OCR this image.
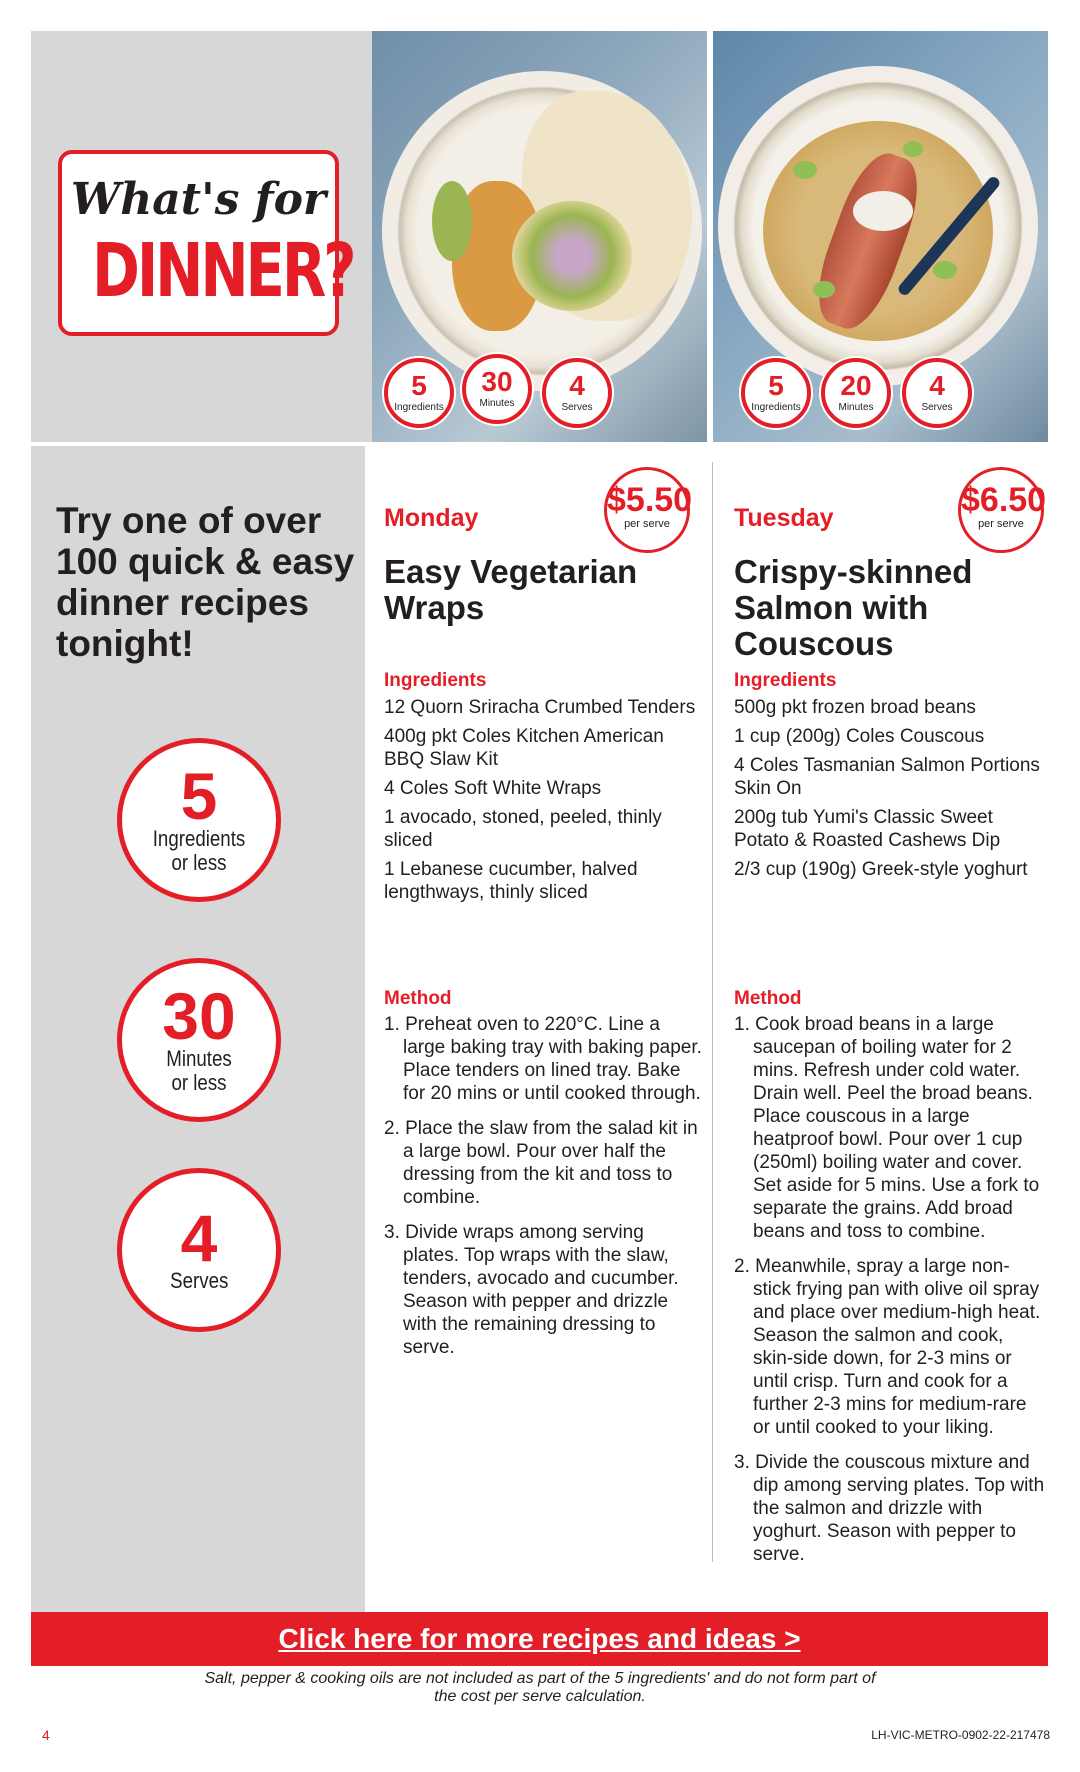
What's for
DINNER?
5
Ingredients
30
Minutes
4
Serves
5
Ingredients
20
Minutes
4
Serves
Try one of over 100 quick & easy dinner recipes tonight!
5
Ingredients or less
30
Minutes or less
4
Serves
Monday	$5.50
per serve
Easy Vegetarian Wraps
Ingredients
12 Quorn Sriracha Crumbed Tenders
400g pkt Coles Kitchen American BBQ Slaw Kit
4 Coles Soft White Wraps
1 avocado, stoned, peeled, thinly sliced
1 Lebanese cucumber, halved lengthways, thinly sliced
Method
1. Preheat oven to 220°C. Line a large baking tray with baking paper. Place tenders on lined tray. Bake for 20 mins or until cooked through.
2. Place the slaw from the salad kit in a large bowl. Pour over half the dressing from the kit and toss to combine.
3. Divide wraps among serving plates. Top wraps with the slaw, tenders, avocado and cucumber. Season with pepper and drizzle with the remaining dressing to serve.
Tuesday	$6.50
per serve
Crispy-skinned Salmon with Couscous
Ingredients
500g pkt frozen broad beans
1 cup (200g) Coles Couscous
4 Coles Tasmanian Salmon Portions Skin On
200g tub Yumi's Classic Sweet Potato & Roasted Cashews Dip
2/3 cup (190g) Greek-style yoghurt
Method
1. Cook broad beans in a large saucepan of boiling water for 2 mins. Refresh under cold water. Drain well. Peel the broad beans. Place couscous in a large heatproof bowl. Pour over 1 cup (250ml) boiling water and cover. Set aside for 5 mins. Use a fork to separate the grains. Add broad beans and toss to combine.
2. Meanwhile, spray a large non-stick frying pan with olive oil spray and place over medium-high heat. Season the salmon and cook, skin-side down, for 2-3 mins or until crisp. Turn and cook for a further 2-3 mins for medium-rare or until cooked to your liking.
3. Divide the couscous mixture and dip among serving plates. Top with the salmon and drizzle with yoghurt. Season with pepper to serve.
Click here for more recipes and ideas >
Salt, pepper & cooking oils are not included as part of the 5 ingredients' and do not form part of the cost per serve calculation.
4	LH-VIC-METRO-0902-22-217478
